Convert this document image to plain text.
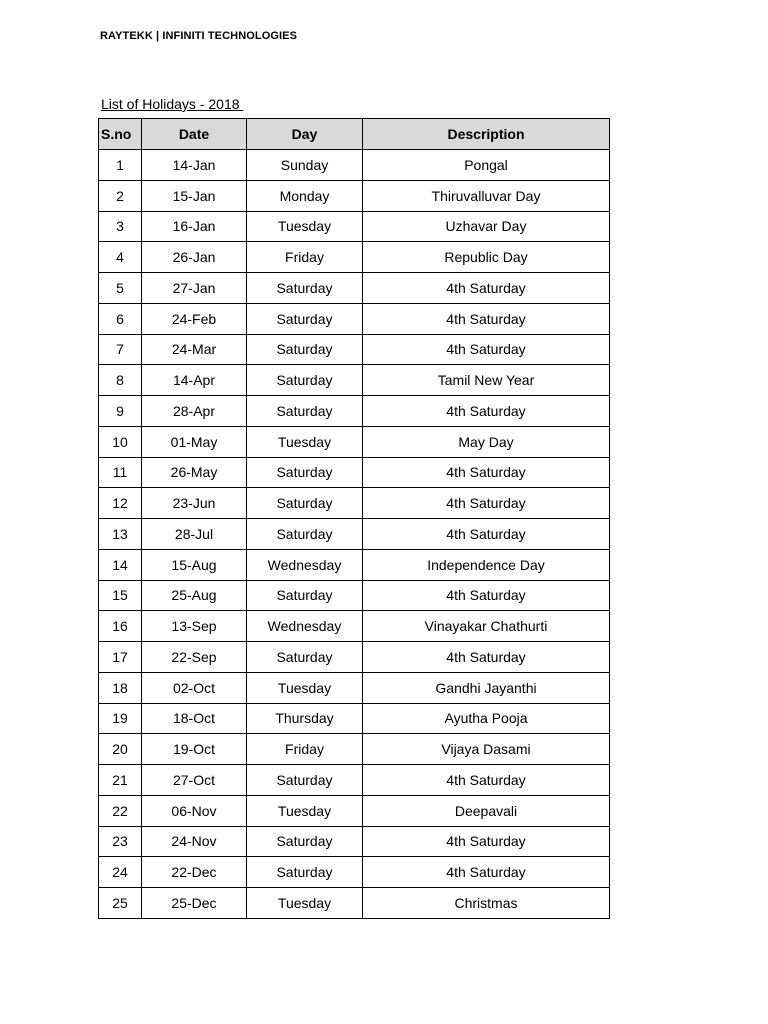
RAYTEKK | INFINITI TECHNOLOGIES
List of Holidays - 2018
S.no	Date	Day	Description
1	14-Jan	Sunday	Pongal
2	15-Jan	Monday	Thiruvalluvar Day
3	16-Jan	Tuesday	Uzhavar Day
4	26-Jan	Friday	Republic Day
5	27-Jan	Saturday	4th Saturday
6	24-Feb	Saturday	4th Saturday
7	24-Mar	Saturday	4th Saturday
8	14-Apr	Saturday	Tamil New Year
9	28-Apr	Saturday	4th Saturday
10	01-May	Tuesday	May Day
11	26-May	Saturday	4th Saturday
12	23-Jun	Saturday	4th Saturday
13	28-Jul	Saturday	4th Saturday
14	15-Aug	Wednesday	Independence Day
15	25-Aug	Saturday	4th Saturday
16	13-Sep	Wednesday	Vinayakar Chathurti
17	22-Sep	Saturday	4th Saturday
18	02-Oct	Tuesday	Gandhi Jayanthi
19	18-Oct	Thursday	Ayutha Pooja
20	19-Oct	Friday	Vijaya Dasami
21	27-Oct	Saturday	4th Saturday
22	06-Nov	Tuesday	Deepavali
23	24-Nov	Saturday	4th Saturday
24	22-Dec	Saturday	4th Saturday
25	25-Dec	Tuesday	Christmas
